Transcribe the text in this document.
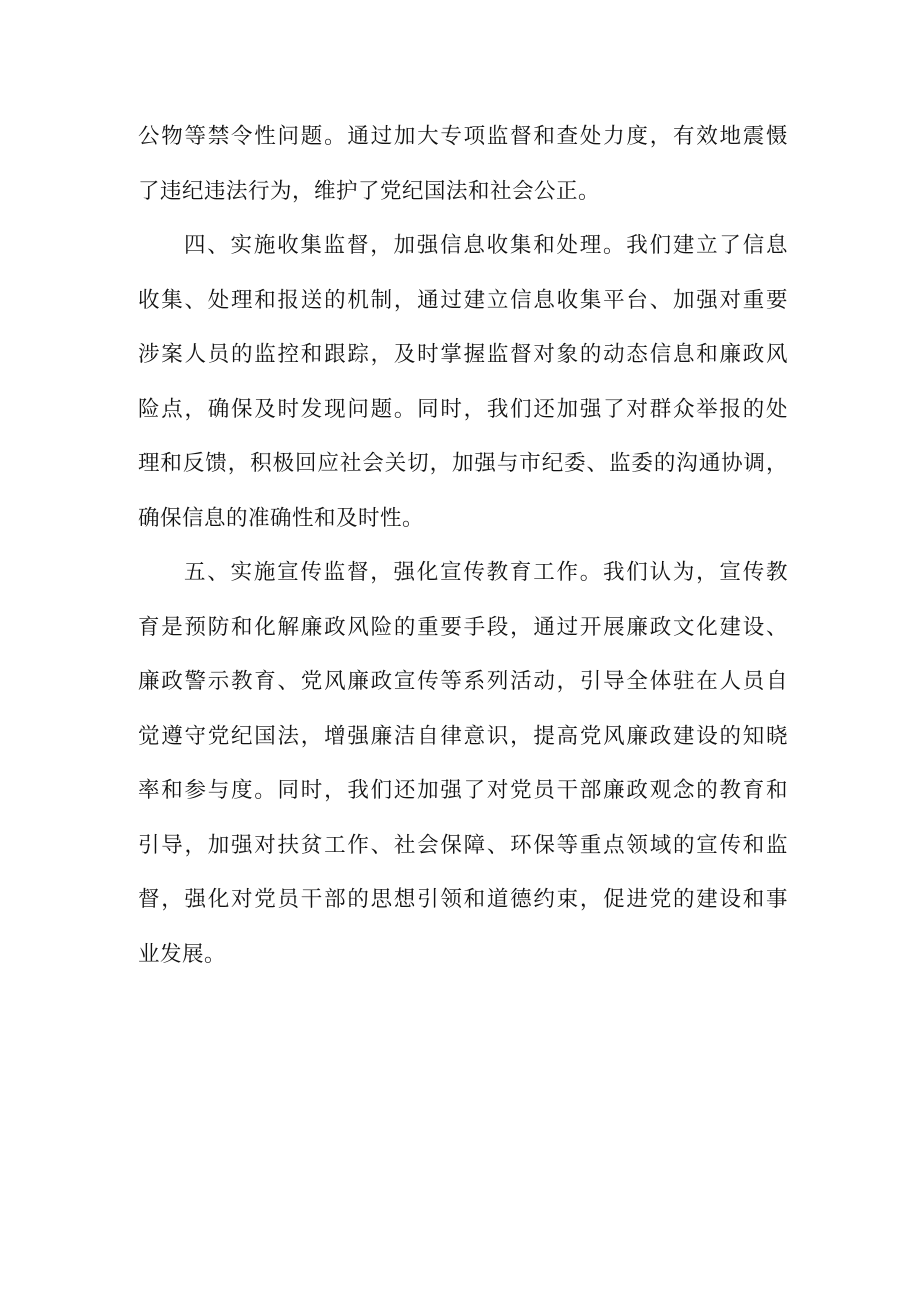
公物等禁令性问题。通过加大专项监督和查处力度，有效地震慑
了违纪违法行为，维护了党纪国法和社会公正。
四、实施收集监督，加强信息收集和处理。我们建立了信息
收集、处理和报送的机制，通过建立信息收集平台、加强对重要
涉案人员的监控和跟踪，及时掌握监督对象的动态信息和廉政风
险点，确保及时发现问题。同时，我们还加强了对群众举报的处
理和反馈，积极回应社会关切，加强与市纪委、监委的沟通协调，
确保信息的准确性和及时性。
五、实施宣传监督，强化宣传教育工作。我们认为，宣传教
育是预防和化解廉政风险的重要手段，通过开展廉政文化建设、
廉政警示教育、党风廉政宣传等系列活动，引导全体驻在人员自
觉遵守党纪国法，增强廉洁自律意识，提高党风廉政建设的知晓
率和参与度。同时，我们还加强了对党员干部廉政观念的教育和
引导，加强对扶贫工作、社会保障、环保等重点领域的宣传和监
督，强化对党员干部的思想引领和道德约束，促进党的建设和事
业发展。
